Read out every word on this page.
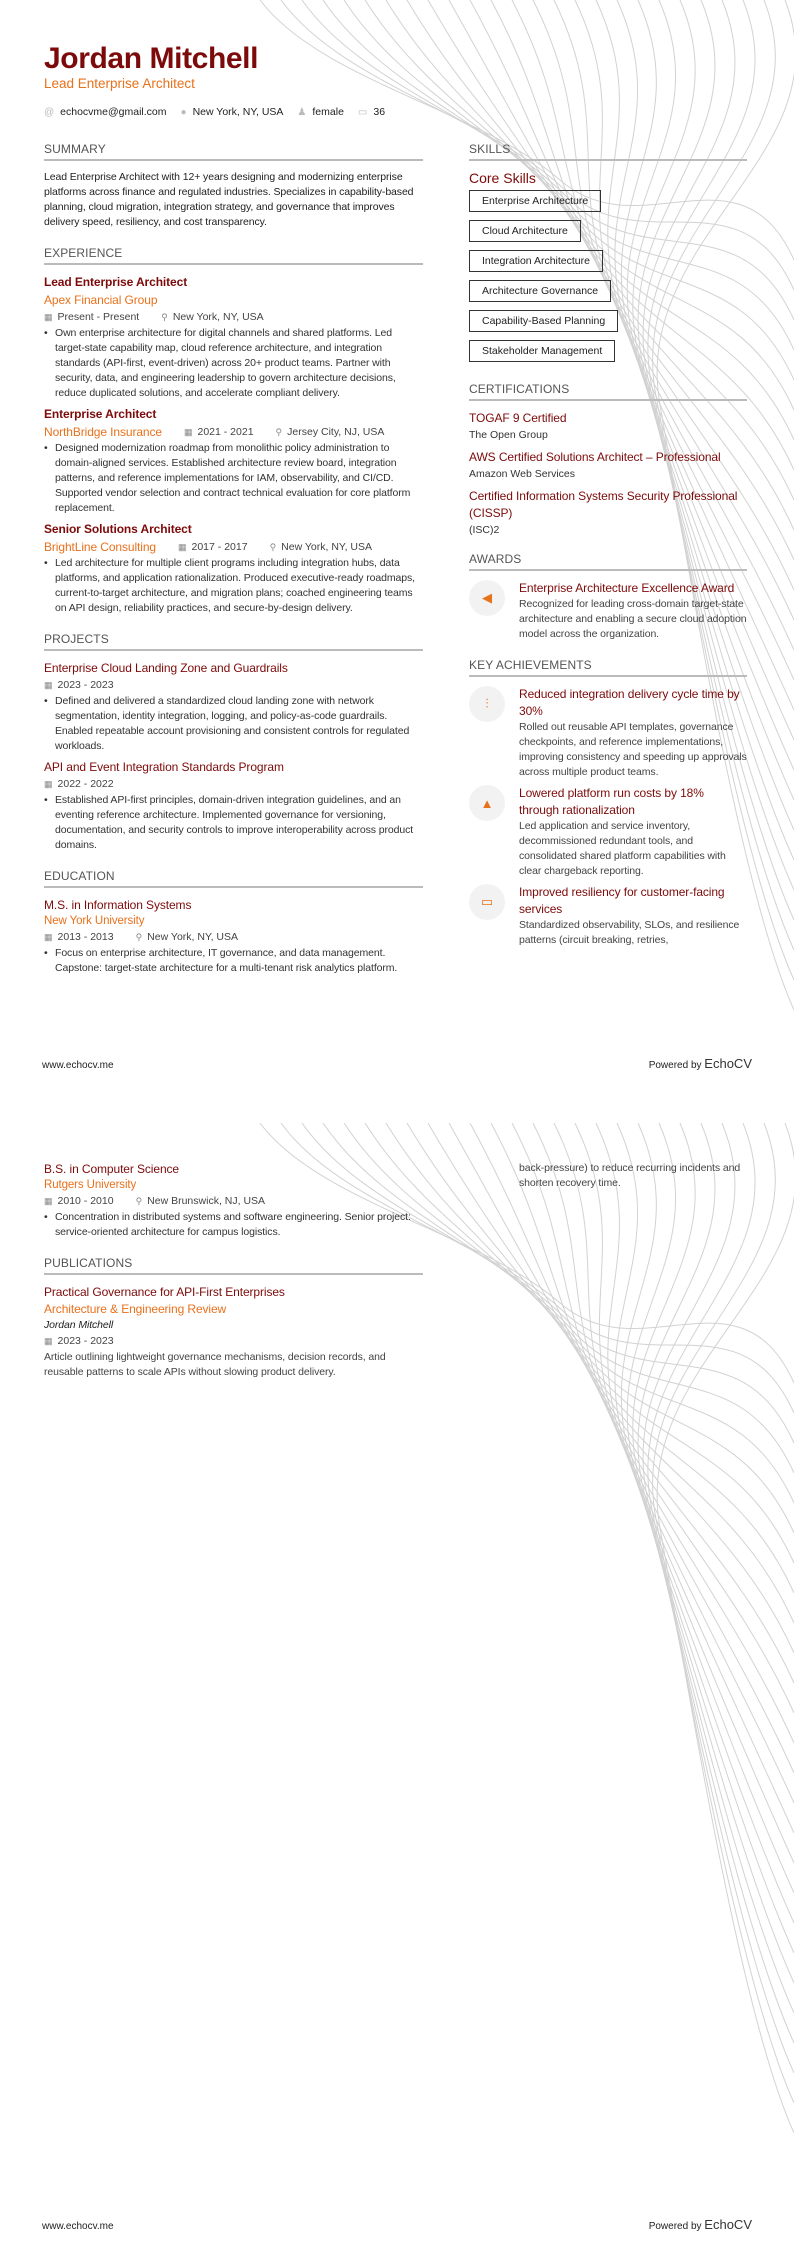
Jordan Mitchell
Lead Enterprise Architect
@ echocvme@gmail.com ● New York, NY, USA ♟ female ▭ 36
SUMMARY
Lead Enterprise Architect with 12+ years designing and modernizing enterprise platforms across finance and regulated industries. Specializes in capability-based planning, cloud migration, integration strategy, and governance that improves delivery speed, resiliency, and cost transparency.
EXPERIENCE
Lead Enterprise Architect
Apex Financial Group
▦ Present - Present ⚲ New York, NY, USA
• Own enterprise architecture for digital channels and shared platforms. Led target-state capability map, cloud reference architecture, and integration standards (API-first, event-driven) across 20+ product teams. Partner with security, data, and engineering leadership to govern architecture decisions, reduce duplicated solutions, and accelerate compliant delivery.
Enterprise Architect
NorthBridge Insurance ▦ 2021 - 2021 ⚲ Jersey City, NJ, USA
• Designed modernization roadmap from monolithic policy administration to domain-aligned services. Established architecture review board, integration patterns, and reference implementations for IAM, observability, and CI/CD. Supported vendor selection and contract technical evaluation for core platform replacement.
Senior Solutions Architect
BrightLine Consulting ▦ 2017 - 2017 ⚲ New York, NY, USA
• Led architecture for multiple client programs including integration hubs, data platforms, and application rationalization. Produced executive-ready roadmaps, current-to-target architecture, and migration plans; coached engineering teams on API design, reliability practices, and secure-by-design delivery.
PROJECTS
Enterprise Cloud Landing Zone and Guardrails
▦ 2023 - 2023
• Defined and delivered a standardized cloud landing zone with network segmentation, identity integration, logging, and policy-as-code guardrails. Enabled repeatable account provisioning and consistent controls for regulated workloads.
API and Event Integration Standards Program
▦ 2022 - 2022
• Established API-first principles, domain-driven integration guidelines, and an eventing reference architecture. Implemented governance for versioning, documentation, and security controls to improve interoperability across product domains.
EDUCATION
M.S. in Information Systems
New York University
▦ 2013 - 2013 ⚲ New York, NY, USA
• Focus on enterprise architecture, IT governance, and data management. Capstone: target-state architecture for a multi-tenant risk analytics platform.
SKILLS
Core Skills
Enterprise Architecture
Cloud Architecture
Integration Architecture
Architecture Governance
Capability-Based Planning
Stakeholder Management
CERTIFICATIONS
TOGAF 9 Certified
The Open Group
AWS Certified Solutions Architect – Professional
Amazon Web Services
Certified Information Systems Security Professional (CISSP)
(ISC)2
AWARDS
◀
Enterprise Architecture Excellence Award
Recognized for leading cross-domain target-state architecture and enabling a secure cloud adoption model across the organization.
KEY ACHIEVEMENTS
⫶
Reduced integration delivery cycle time by 30%
Rolled out reusable API templates, governance checkpoints, and reference implementations, improving consistency and speeding up approvals across multiple product teams.
▲
Lowered platform run costs by 18% through rationalization
Led application and service inventory, decommissioned redundant tools, and consolidated shared platform capabilities with clear chargeback reporting.
▭
Improved resiliency for customer-facing services
Standardized observability, SLOs, and resilience patterns (circuit breaking, retries,
www.echocv.me	Powered by EchoCV
B.S. in Computer Science
Rutgers University
▦ 2010 - 2010 ⚲ New Brunswick, NJ, USA
• Concentration in distributed systems and software engineering. Senior project: service-oriented architecture for campus logistics.
PUBLICATIONS
Practical Governance for API-First Enterprises
Architecture & Engineering Review
Jordan Mitchell
▦ 2023 - 2023
Article outlining lightweight governance mechanisms, decision records, and reusable patterns to scale APIs without slowing product delivery.
back-pressure) to reduce recurring incidents and shorten recovery time.
www.echocv.me	Powered by EchoCV
